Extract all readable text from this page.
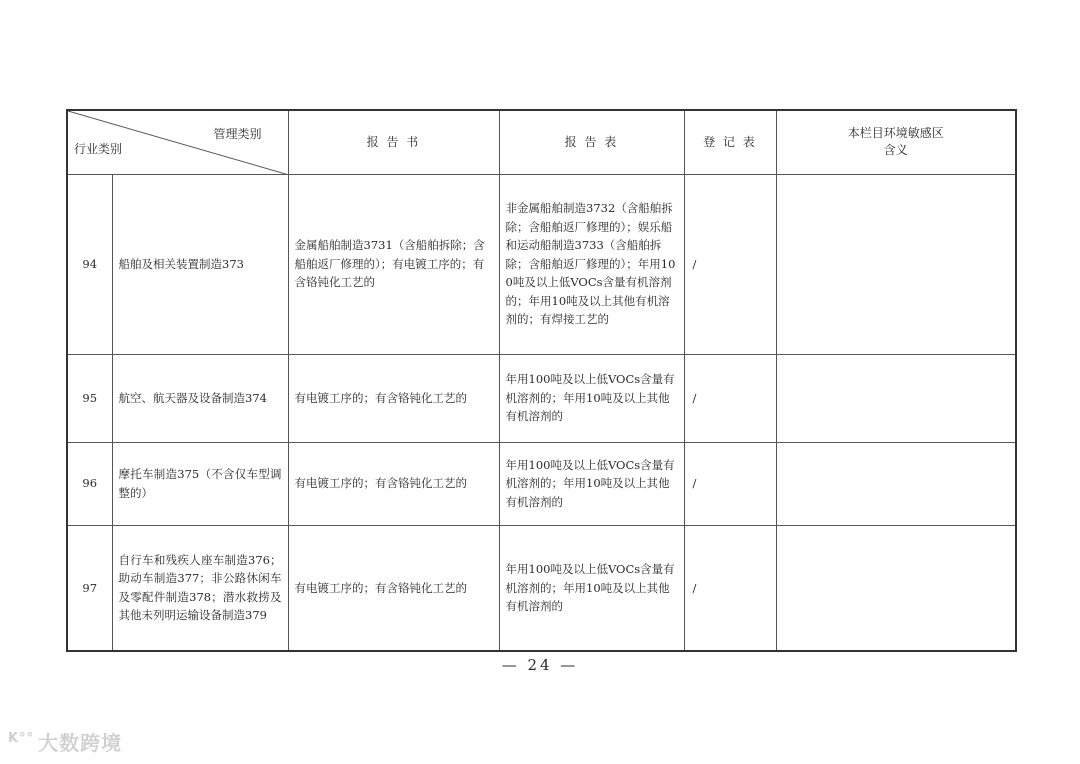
管理类别
行业类别	报 告 书	报 告 表	登 记 表	
本栏目环境敏感区
含义

94	船舶及相关装置制造373	金属船舶制造3731（含船舶拆除；含船舶返厂修理的）；有电镀工序的；有含铬钝化工艺的	非金属船舶制造3732（含船舶拆除；含船舶返厂修理的）；娱乐船和运动船制造3733（含船舶拆除；含船舶返厂修理的）；年用100吨及以上低VOCs含量有机溶剂的；年用10吨及以上其他有机溶剂的；有焊接工艺的	/	
95	航空、航天器及设备制造374	有电镀工序的；有含铬钝化工艺的	年用100吨及以上低VOCs含量有机溶剂的；年用10吨及以上其他有机溶剂的	/	
96	摩托车制造375（不含仅车型调整的）	有电镀工序的；有含铬钝化工艺的	年用100吨及以上低VOCs含量有机溶剂的；年用10吨及以上其他有机溶剂的	/	
97	自行车和残疾人座车制造376；助动车制造377；非公路休闲车及零配件制造378；潜水救捞及其他未列明运输设备制造379	有电镀工序的；有含铬钝化工艺的	年用100吨及以上低VOCs含量有机溶剂的；年用10吨及以上其他有机溶剂的	/	
— 24 —
$^{K^\circ^\circ}$ 大数跨境
